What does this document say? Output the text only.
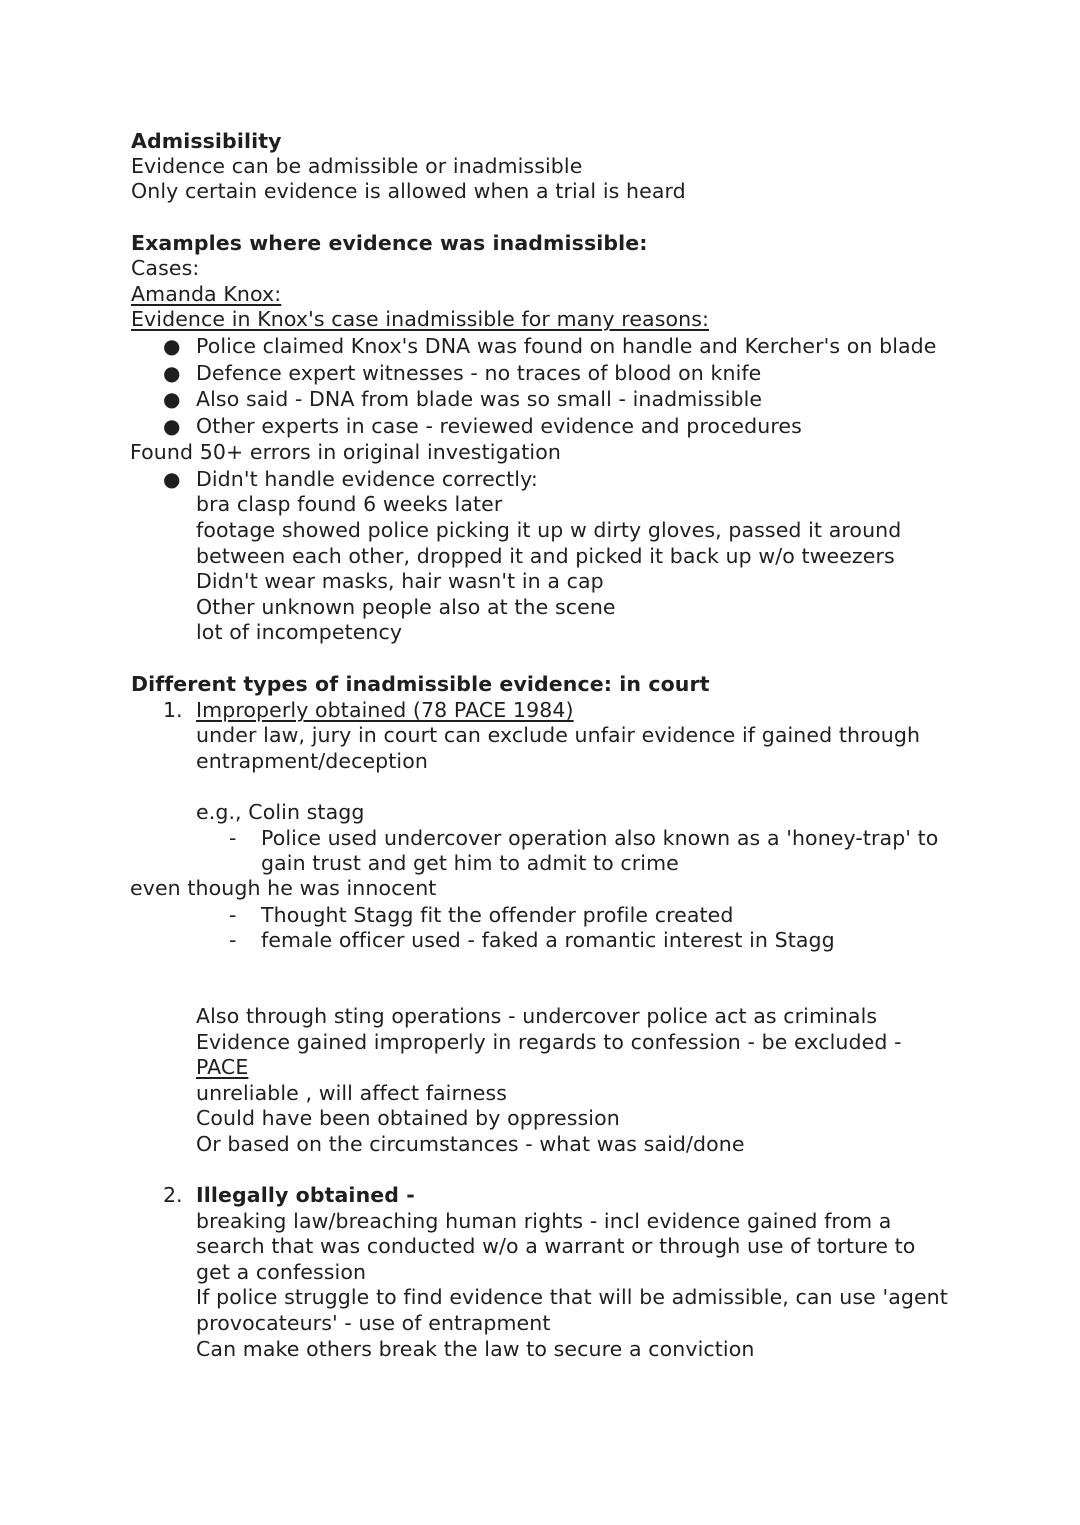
Admissibility
Evidence can be admissible or inadmissible
Only certain evidence is allowed when a trial is heard
Examples where evidence was inadmissible:
Cases:
Amanda Knox:
Evidence in Knox's case inadmissible for many reasons:
● Police claimed Knox's DNA was found on handle and Kercher's on blade
● Defence expert witnesses - no traces of blood on knife
● Also said - DNA from blade was so small - inadmissible
● Other experts in case - reviewed evidence and procedures
Found 50+ errors in original investigation
● Didn't handle evidence correctly:
bra clasp found 6 weeks later
footage showed police picking it up w dirty gloves, passed it around
between each other, dropped it and picked it back up w/o tweezers
Didn't wear masks, hair wasn't in a cap
Other unknown people also at the scene
lot of incompetency
Different types of inadmissible evidence: in court
1. Improperly obtained (78 PACE 1984)
under law, jury in court can exclude unfair evidence if gained through
entrapment/deception
e.g., Colin stagg
- Police used undercover operation also known as a 'honey-trap' to
gain trust and get him to admit to crime
even though he was innocent
- Thought Stagg fit the offender profile created
- female officer used - faked a romantic interest in Stagg
Also through sting operations - undercover police act as criminals
Evidence gained improperly in regards to confession - be excluded -
PACE
unreliable , will affect fairness
Could have been obtained by oppression
Or based on the circumstances - what was said/done
2. Illegally obtained -
breaking law/breaching human rights - incl evidence gained from a
search that was conducted w/o a warrant or through use of torture to
get a confession
If police struggle to find evidence that will be admissible, can use 'agent
provocateurs' - use of entrapment
Can make others break the law to secure a conviction
